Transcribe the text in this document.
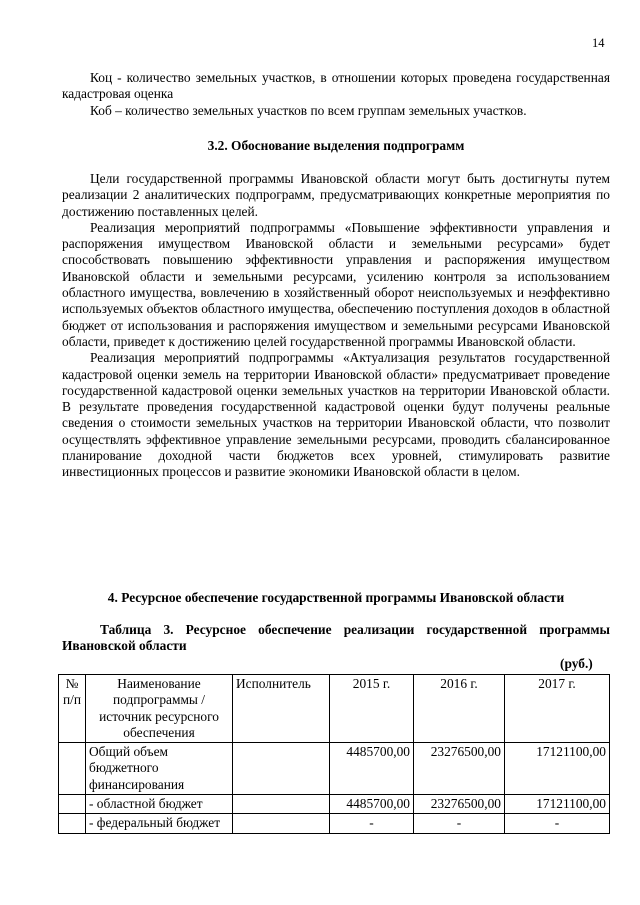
14

Коц - количество земельных участков, в отношении которых проведена государственная кадастровая оценка

Коб – количество земельных участков по всем группам земельных участков.

3.2. Обоснование выделения подпрограмм

Цели государственной программы Ивановской области могут быть достигнуты путем реализации 2 аналитических подпрограмм, предусматривающих конкретные мероприятия по достижению поставленных целей.

Реализация мероприятий подпрограммы «Повышение эффективности управления и распоряжения имуществом Ивановской области и земельными ресурсами» будет способствовать повышению эффективности управления и распоряжения имуществом Ивановской области и земельными ресурсами, усилению контроля за использованием областного имущества, вовлечению в хозяйственный оборот неиспользуемых и неэффективно используемых объектов областного имущества, обеспечению поступления доходов в областной бюджет от использования и распоряжения имуществом и земельными ресурсами Ивановской области, приведет к достижению целей государственной программы Ивановской области.

Реализация мероприятий подпрограммы «Актуализация результатов государственной кадастровой оценки земель на территории Ивановской области» предусматривает проведение государственной кадастровой оценки земельных участков на территории Ивановской области. В результате проведения государственной кадастровой оценки будут получены реальные сведения о стоимости земельных участков на территории Ивановской области, что позволит осуществлять эффективное управление земельными ресурсами, проводить сбалансированное планирование доходной части бюджетов всех уровней, стимулировать развитие инвестиционных процессов и развитие экономики Ивановской области в целом.

4. Ресурсное обеспечение государственной программы Ивановской области
Таблица 3. Ресурсное обеспечение реализации государственной программы Ивановской области
(руб.)
№ п/п	Наименование подпрограммы / источник ресурсного обеспечения	Исполнитель	2015 г.	2016 г.	2017 г.
	Общий объем бюджетного финансирования		4485700,00	23276500,00	17121100,00
	- областной бюджет		4485700,00	23276500,00	17121100,00
	- федеральный бюджет		-	-	-
